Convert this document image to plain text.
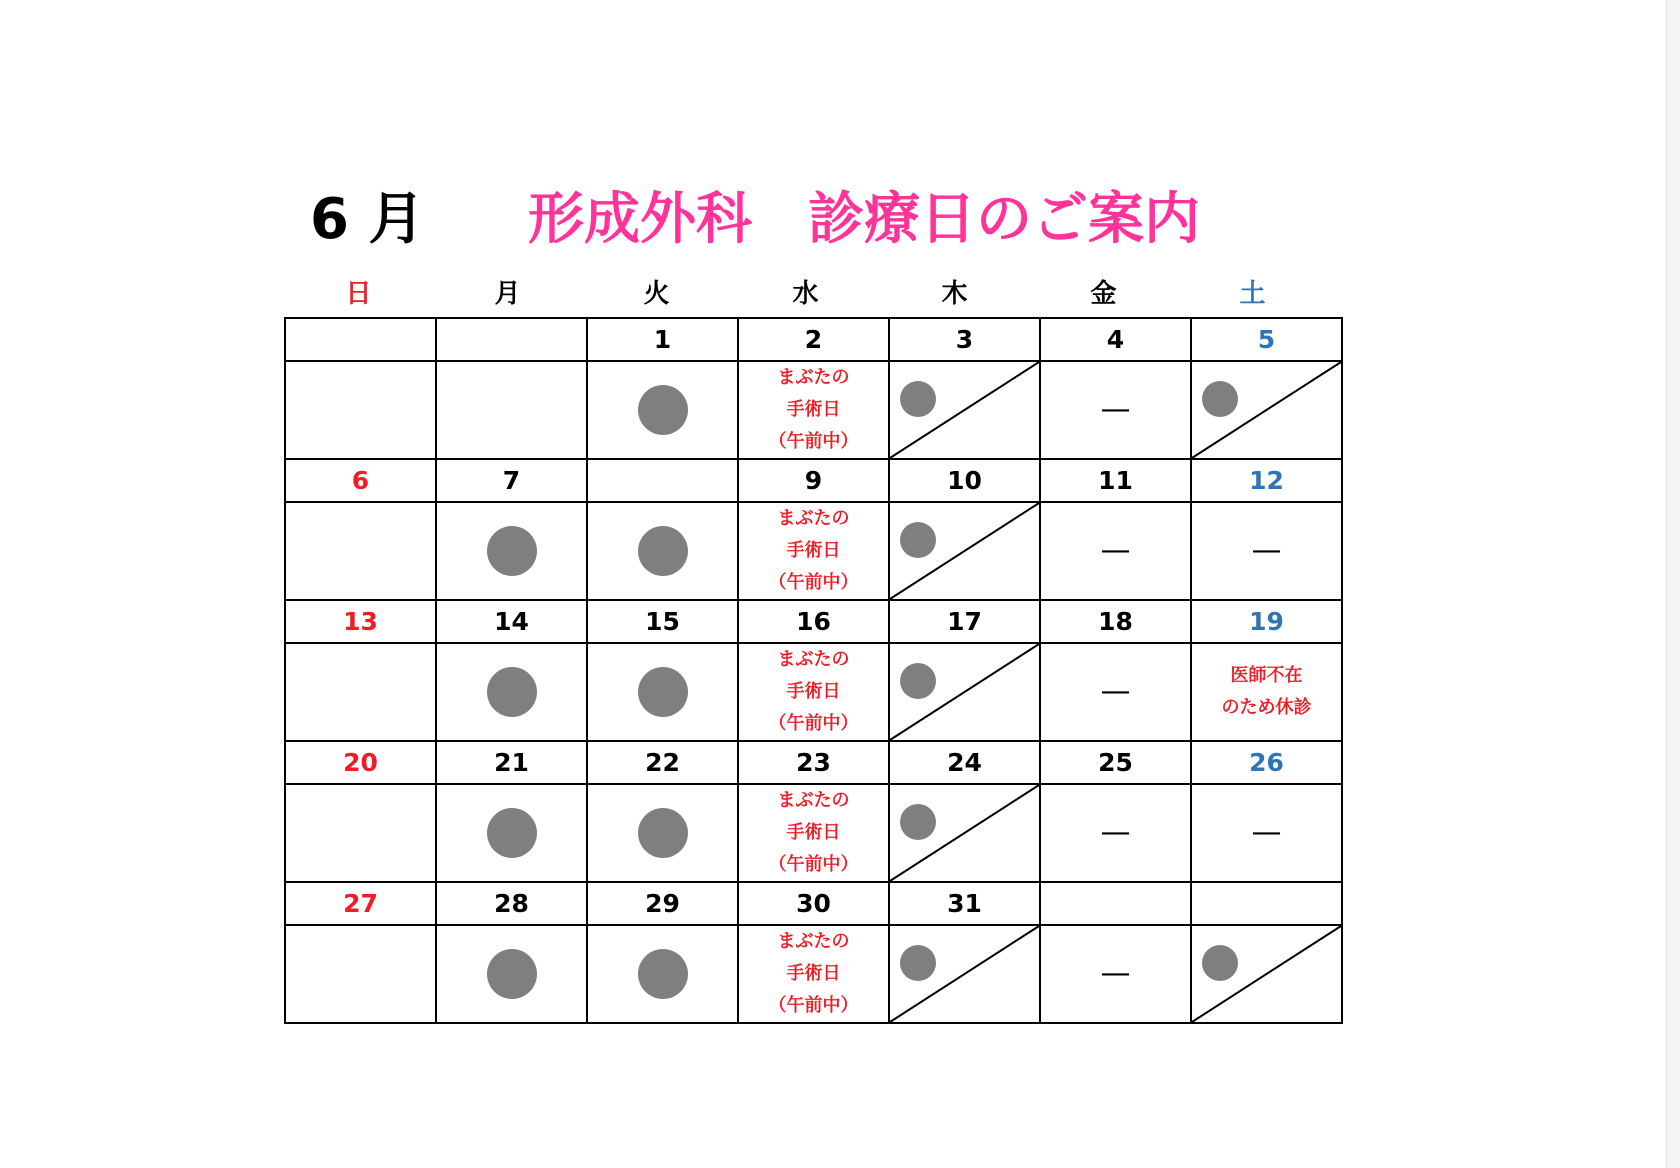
6 月 形成外科　診療日のご案内
日	月	火	水	木	金	土
		1	2	3	4	5

			まぶたの
手術日
（午前中）		—	

6	7		9	10	11	12

			まぶたの
手術日
（午前中）		—	—
13	14	15	16	17	18	19

			まぶたの
手術日
（午前中）		—	医師不在
のため休診

20	21	22	23	24	25	26

			まぶたの
手術日
（午前中）		—	—
27	28	29	30	31		

			まぶたの
手術日
（午前中）		—	
